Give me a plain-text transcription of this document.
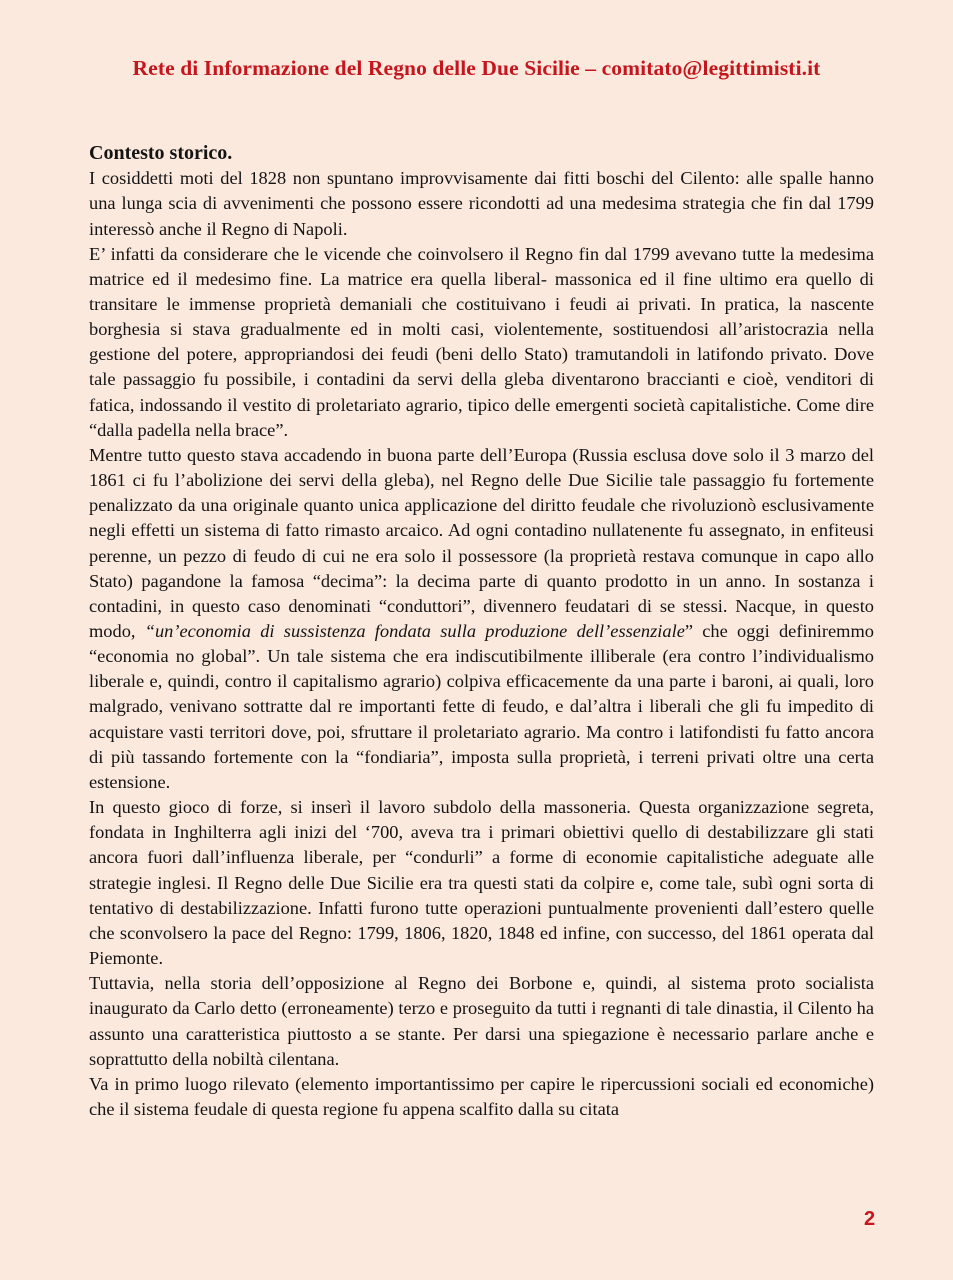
Rete di Informazione del Regno delle Due Sicilie – comitato@legittimisti.it

Contesto storico.

I cosiddetti moti del 1828 non spuntano improvvisamente dai fitti boschi del Cilento: alle spalle hanno una lunga scia di avvenimenti che possono essere ricondotti ad una medesima strategia che fin dal 1799 interessò anche il Regno di Napoli.

E’ infatti da considerare che le vicende che coinvolsero il Regno fin dal 1799 avevano tutte la medesima matrice ed il medesimo fine. La matrice era quella liberal- massonica ed il fine ultimo era quello di transitare le immense proprietà demaniali che costituivano i feudi ai privati. In pratica, la nascente borghesia si stava gradualmente ed in molti casi, violentemente, sostituendosi all’aristocrazia nella gestione del potere, appropriandosi dei feudi (beni dello Stato) tramutandoli in latifondo privato. Dove tale passaggio fu possibile, i contadini da servi della gleba diventarono braccianti e cioè, venditori di fatica, indossando il vestito di proletariato agrario, tipico delle emergenti società capitalistiche. Come dire “dalla padella nella brace”.

Mentre tutto questo stava accadendo in buona parte dell’Europa (Russia esclusa dove solo il 3 marzo del 1861 ci fu l’abolizione dei servi della gleba), nel Regno delle Due Sicilie tale passaggio fu fortemente penalizzato da una originale quanto unica applicazione del diritto feudale che rivoluzionò esclusivamente negli effetti un sistema di fatto rimasto arcaico. Ad ogni contadino nullatenente fu assegnato, in enfiteusi perenne, un pezzo di feudo di cui ne era solo il possessore (la proprietà restava comunque in capo allo Stato) pagandone la famosa “decima”: la decima parte di quanto prodotto in un anno. In sostanza i contadini, in questo caso denominati “conduttori”, divennero feudatari di se stessi. Nacque, in questo modo, “un’economia di sussistenza fondata sulla produzione dell’essenziale” che oggi definiremmo “economia no global”. Un tale sistema che era indiscutibilmente illiberale (era contro l’individualismo liberale e, quindi, contro il capitalismo agrario) colpiva efficacemente da una parte i baroni, ai quali, loro malgrado, venivano sottratte dal re importanti fette di feudo, e dal’altra i liberali che gli fu impedito di acquistare vasti territori dove, poi, sfruttare il proletariato agrario. Ma contro i latifondisti fu fatto ancora di più tassando fortemente con la “fondiaria”, imposta sulla proprietà, i terreni privati oltre una certa estensione.

In questo gioco di forze, si inserì il lavoro subdolo della massoneria. Questa organizzazione segreta, fondata in Inghilterra agli inizi del ‘700, aveva tra i primari obiettivi quello di destabilizzare gli stati ancora fuori dall’influenza liberale, per “condurli” a forme di economie capitalistiche adeguate alle strategie inglesi. Il Regno delle Due Sicilie era tra questi stati da colpire e, come tale, subì ogni sorta di tentativo di destabilizzazione. Infatti furono tutte operazioni puntualmente provenienti dall’estero quelle che sconvolsero la pace del Regno: 1799, 1806, 1820, 1848 ed infine, con successo, del 1861 operata dal Piemonte.

Tuttavia, nella storia dell’opposizione al Regno dei Borbone e, quindi, al sistema proto socialista inaugurato da Carlo detto (erroneamente) terzo e proseguito da tutti i regnanti di tale dinastia, il Cilento ha assunto una caratteristica piuttosto a se stante. Per darsi una spiegazione è necessario parlare anche e soprattutto della nobiltà cilentana.

Va in primo luogo rilevato (elemento importantissimo per capire le ripercussioni sociali ed economiche) che il sistema feudale di questa regione fu appena scalfito dalla su citata

2
